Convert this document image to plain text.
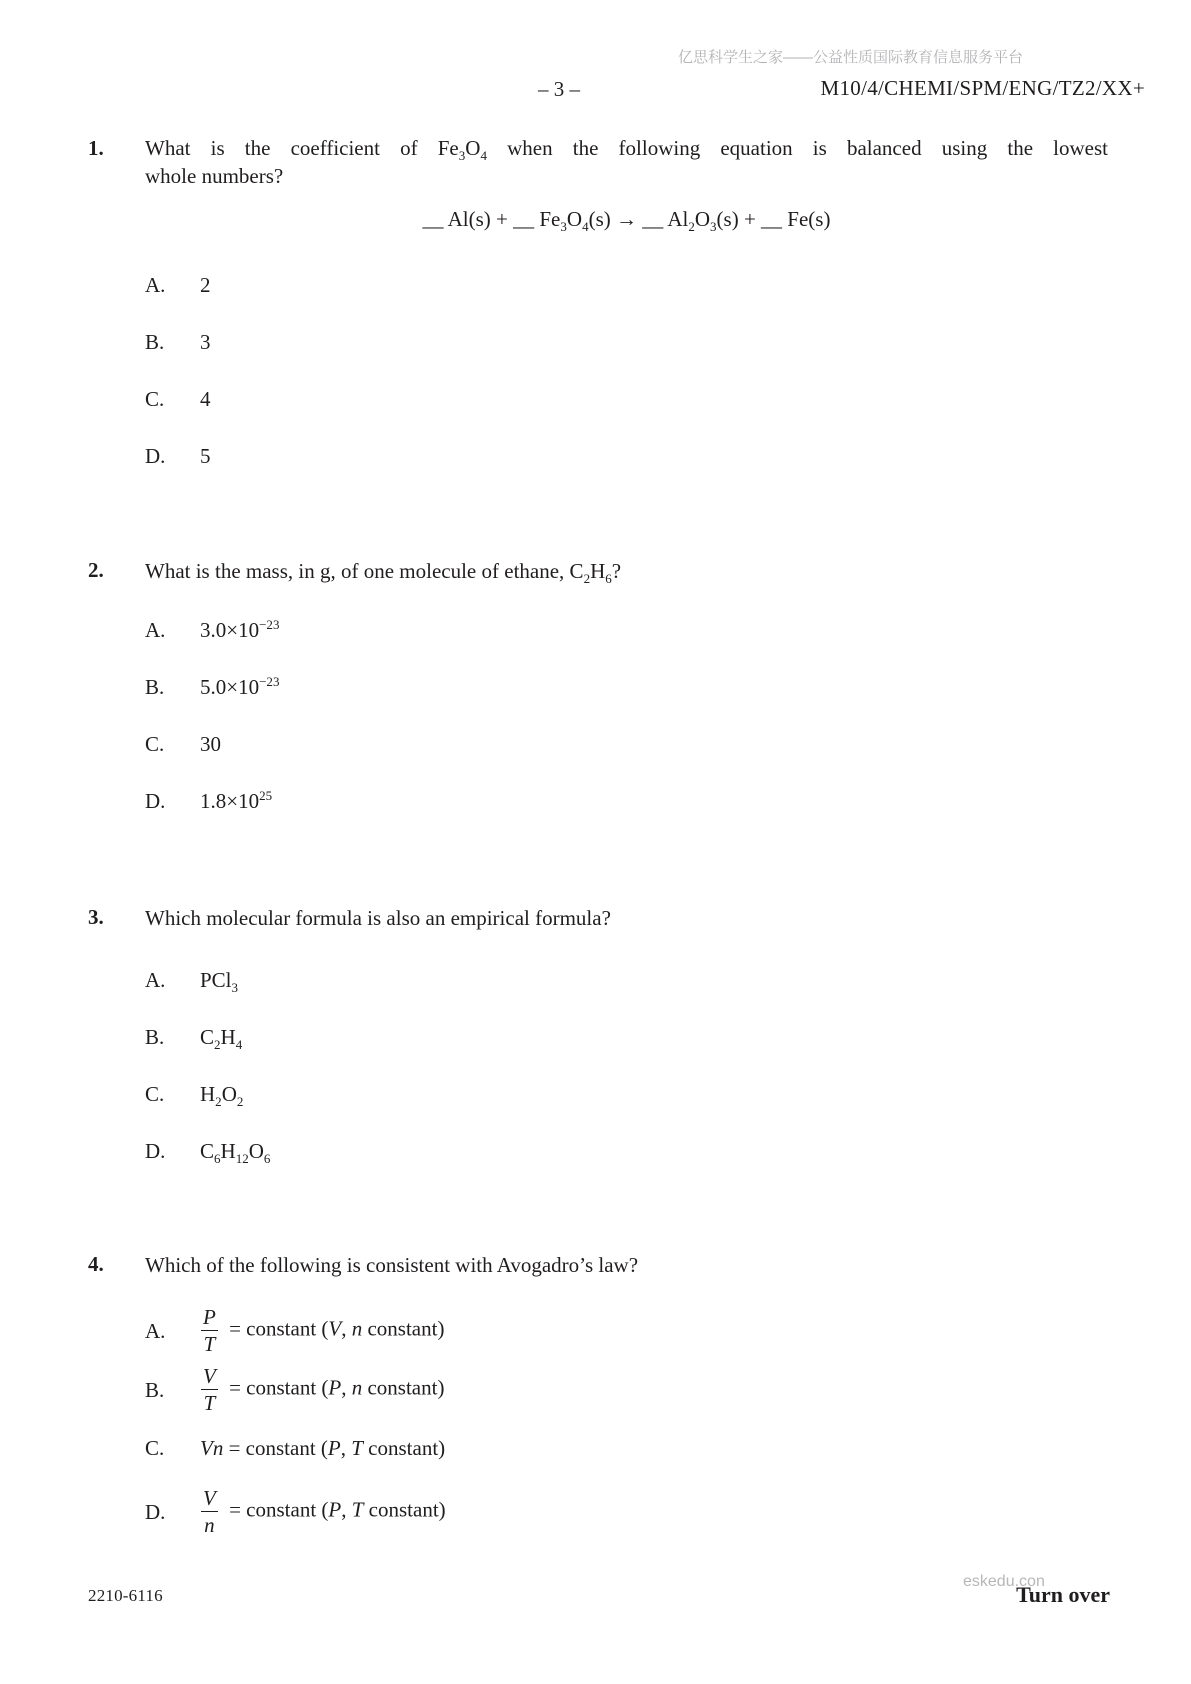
亿思科学生之家——公益性质国际教育信息服务平台
– 3 –	M10/4/CHEMI/SPM/ENG/TZ2/XX+
1.	What is the coefficient of $Fe_3O_4$ when the following equation is balanced using the lowest
whole numbers?
__ Al(s) + __ $Fe_3O_4(s)$ → __ $Al_2O_3(s)$ + __ Fe(s)
A.	2
B.	3
C.	4
D.	5
2.	What is the mass, in g, of one molecule of ethane, $C_2H_6$?
A.	$3.0\times 10^{-23}$
B.	$5.0\times 10^{-23}$
C.	30
D.	$1.8\times 10^{25}$
3.	Which molecular formula is also an empirical formula?
A.	PCl$_3$
B.	$C_2H_4$
C.	$H_2O_2$
D.	$C_6H_{12}O_6$
4.	Which of the following is consistent with Avogadro’s law?
A.	$\frac{P}{T}$ = constant (V, n constant)
B.	$\frac{V}{T}$ = constant (P, n constant)
C.	Vn = constant (P, T constant)
D.	$\frac{V}{n}$ = constant (P, T constant)
2210-6116
eskedu.con
Turn over
